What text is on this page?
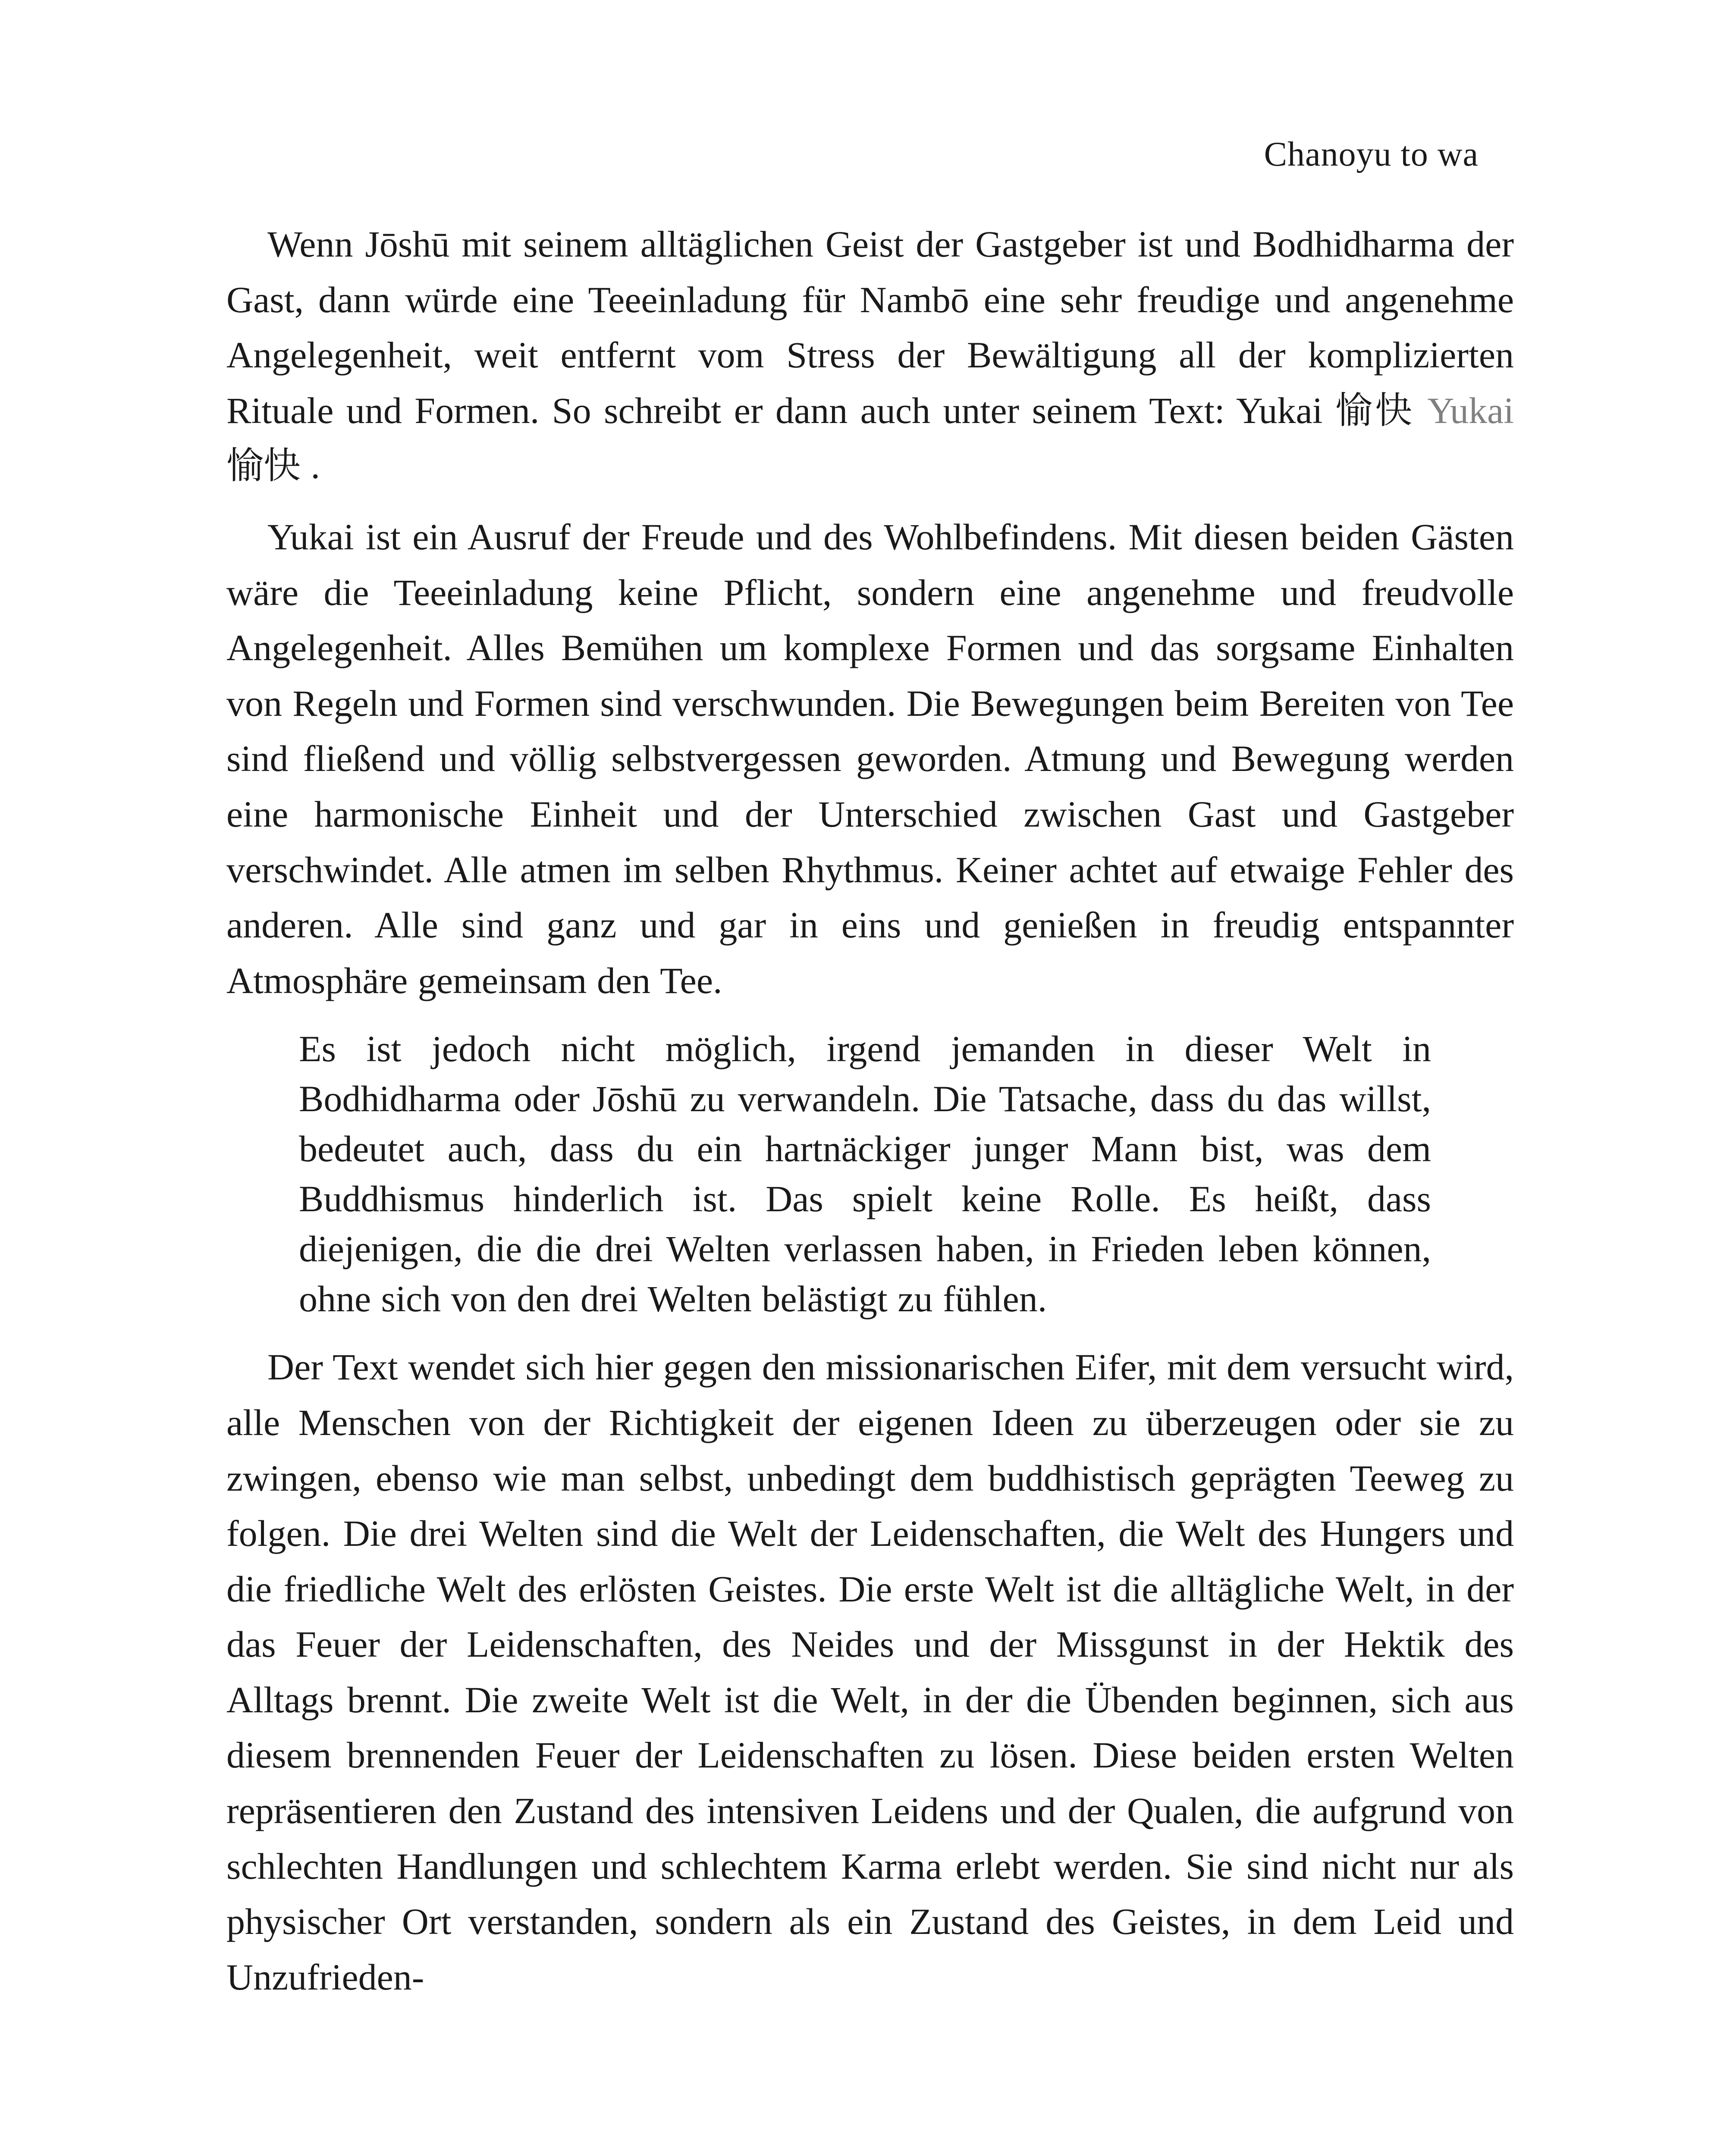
Chanoyu to wa

Wenn Jōshū mit seinem alltäglichen Geist der Gastgeber ist und Bodhidharma der Gast, dann würde eine Teeeinladung für Nambō eine sehr freudige und angenehme Angelegenheit, weit entfernt vom Stress der Bewältigung all der komplizierten Rituale und Formen. So schreibt er dann auch unter seinem Text: Yukai 愉快 Yukai 愉快 .

Yukai ist ein Ausruf der Freude und des Wohlbefindens. Mit diesen beiden Gästen wäre die Teeeinladung keine Pflicht, sondern eine angenehme und freudvolle Angelegenheit. Alles Bemühen um komplexe Formen und das sorgsame Einhalten von Regeln und Formen sind verschwunden. Die Bewegungen beim Bereiten von Tee sind fließend und völlig selbstvergessen geworden. Atmung und Bewegung werden eine harmonische Einheit und der Unterschied zwischen Gast und Gastgeber verschwindet. Alle atmen im selben Rhythmus. Keiner achtet auf etwaige Fehler des anderen. Alle sind ganz und gar in eins und genießen in freudig entspannter Atmosphäre gemeinsam den Tee.

Es ist jedoch nicht möglich, irgend jemanden in dieser Welt in Bodhidharma oder Jōshū zu verwandeln. Die Tatsache, dass du das willst, bedeutet auch, dass du ein hartnäckiger junger Mann bist, was dem Buddhismus hinderlich ist. Das spielt keine Rolle. Es heißt, dass diejenigen, die die drei Welten verlassen haben, in Frieden leben können, ohne sich von den drei Welten belästigt zu fühlen.

Der Text wendet sich hier gegen den missionarischen Eifer, mit dem versucht wird, alle Menschen von der Richtigkeit der eigenen Ideen zu überzeugen oder sie zu zwingen, ebenso wie man selbst, unbedingt dem buddhistisch geprägten Teeweg zu folgen. Die drei Welten sind die Welt der Leidenschaften, die Welt des Hungers und die friedliche Welt des erlösten Geistes. Die erste Welt ist die alltägliche Welt, in der das Feuer der Leidenschaften, des Neides und der Missgunst in der Hektik des Alltags brennt. Die zweite Welt ist die Welt, in der die Übenden beginnen, sich aus diesem brennenden Feuer der Leidenschaften zu lösen. Diese beiden ersten Welten repräsentieren den Zustand des intensiven Leidens und der Qualen, die aufgrund von schlechten Handlungen und schlechtem Karma erlebt werden. Sie sind nicht nur als physischer Ort verstanden, sondern als ein Zustand des Geistes, in dem Leid und Unzufrieden-
